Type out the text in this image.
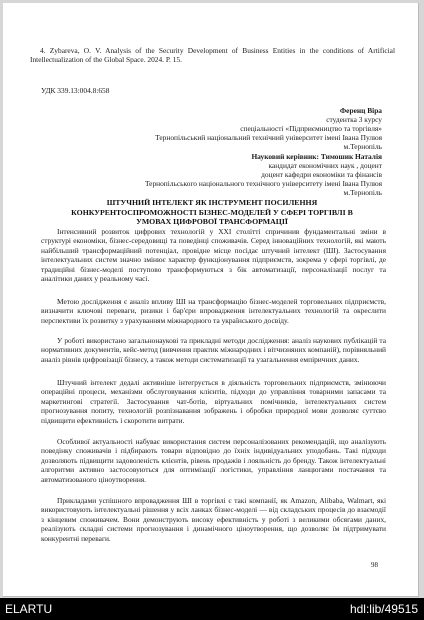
4. Zybareva, O. V. Analysis of the Security Development of Business Entities in the conditions of Artificial Intellectualization of the Global Space. 2024. Р. 15.
УДК 339.13:004.8:658
Ференц Віра
студентка 3 курсу
спеціальності «Підприємництво та торгівля»
Тернопільський національний технічний університет імені Івана Пулюя
м.Тернопіль
Науковий керівник: Тимошик Наталія
кандидат економічних наук , доцент
доцент кафедри економіки та фінансів
Тернопільського національного технічного університету імені Івана Пулюя
м.Тернопіль
ШТУЧНИЙ ІНТЕЛЕКТ ЯК ІНСТРУМЕНТ ПОСИЛЕННЯ
КОНКУРЕНТОСПРОМОЖНОСТІ БІЗНЕС-МОДЕЛЕЙ У СФЕРІ ТОРГІВЛІ В
УМОВАХ ЦИФРОВОЇ ТРАНСФОРМАЦІЇ
Інтенсивний розвиток цифрових технологій у XXI столітті спричинив фундаментальні зміни в структурі економіки, бізнес-середовищі та поведінці споживачів. Серед інноваційних технологій, які мають найбільший трансформаційний потенціал, провідне місце посідає штучний інтелект (ШІ). Застосування інтелектуальних систем значно змінює характер функціонування підприємств, зокрема у сфері торгівлі, де традиційні бізнес-моделі поступово трансформуються з бік автоматизації, персоналізації послуг та аналітики даних у реальному часі.
Метою дослідження є аналіз впливу ШІ на трансформацію бізнес-моделей торговельних підприємств, визначити ключові переваги, ризики і бар'єри впровадження інтелектуальних технологій та окреслити перспективи їх розвитку з урахуванням міжнародного та українського досвіду.
У роботі використано загальнонаукові та прикладні методи дослідження: аналіз наукових публікацій та нормативних документів, кейс-метод (вивчення практик міжнародних і вітчизняних компаній), порівняльний аналіз рівнів цифровізації бізнесу, а також методи систематизації та узагальнення емпіричних даних.
Штучний інтелект дедалі активніше інтегрується в діяльність торговельних підприємств, змінюючи операційні процеси, механізми обслуговування клієнтів, підходи до управління товарними запасами та маркетингові стратегії. Застосування чат-ботів, віртуальних помічників, інтелектуальних систем прогнозування попиту, технологій розпізнавання зображень і обробки природної мови дозволяє суттєво підвищити ефективність і скоротити витрати.
Особливої актуальності набуває використання систем персоналізованих рекомендацій, що аналізують поведінку споживачів і підбирають товари відповідно до їхніх індивідуальних уподобань. Такі підходи дозволяють підвищити задоволеність клієнтів, рівень продажів і лояльність до бренду. Також інтелектуальні алгоритми активно застосовуються для оптимізації логістики, управління ланцюгами постачання та автоматизованого ціноутворення.
Прикладами успішного впровадження ШІ в торгівлі є такі компанії, як Amazon, Alibaba, Walmart, які використовують інтелектуальні рішення у всіх ланках бізнес-моделі — від складських процесів до взаємодії з кінцевим споживачем. Вони демонструють високу ефективність у роботі з великими обсягами даних, реалізують складні системи прогнозування і динамічного ціноутворення, що дозволяє їм підтримувати конкурентні переваги.
98
ELARTU	hdl:lib/49515
